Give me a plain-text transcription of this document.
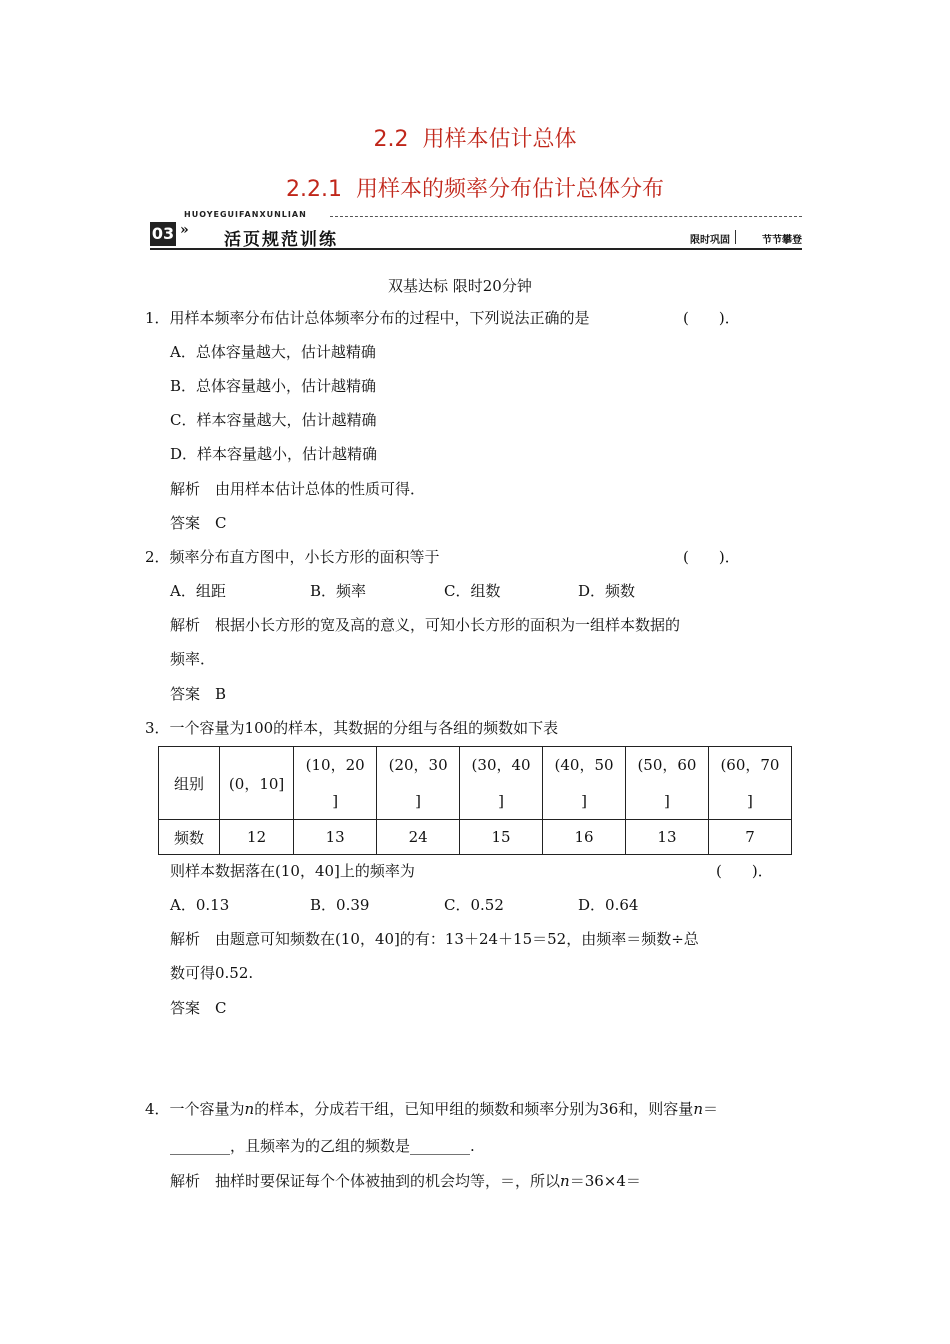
2.2 用样本估计总体
2.2.1 用样本的频率分布估计总体分布
HUOYEGUIFANXUNLIAN
03 » 活页规范训练	限时巩固	节节攀登
双基达标 限时20分钟
1．用样本频率分布估计总体频率分布的过程中，下列说法正确的是	(　　)．
A．总体容量越大，估计越精确
B．总体容量越小，估计越精确
C．样本容量越大，估计越精确
D．样本容量越小，估计越精确
解析　由用样本估计总体的性质可得．
答案　C
2．频率分布直方图中，小长方形的面积等于	(　　)．
A．组距	B．频率	C．组数	D．频数
解析　根据小长方形的宽及高的意义，可知小长方形的面积为一组样本数据的
频率．
答案　B
3．一个容量为100的样本，其数据的分组与各组的频数如下表
组别	(0，10]	(10，20 ]	(20，30 ]	(30，40 ]	(40，50 ]	(50，60 ]	(60，70 ]
频数	12	13	24	15	16	13	7
则样本数据落在(10，40]上的频率为	(　　)．
A．0.13	B．0.39	C．0.52	D．0.64
解析　由题意可知频数在(10，40]的有：13＋24＋15＝52，由频率＝频数÷总
数可得0.52.
答案　C
4．一个容量为n的样本，分成若干组，已知甲组的频数和频率分别为36和，则容量n＝
________，且频率为的乙组的频数是________.
解析　抽样时要保证每个个体被抽到的机会均等，＝，所以n＝36×4＝
